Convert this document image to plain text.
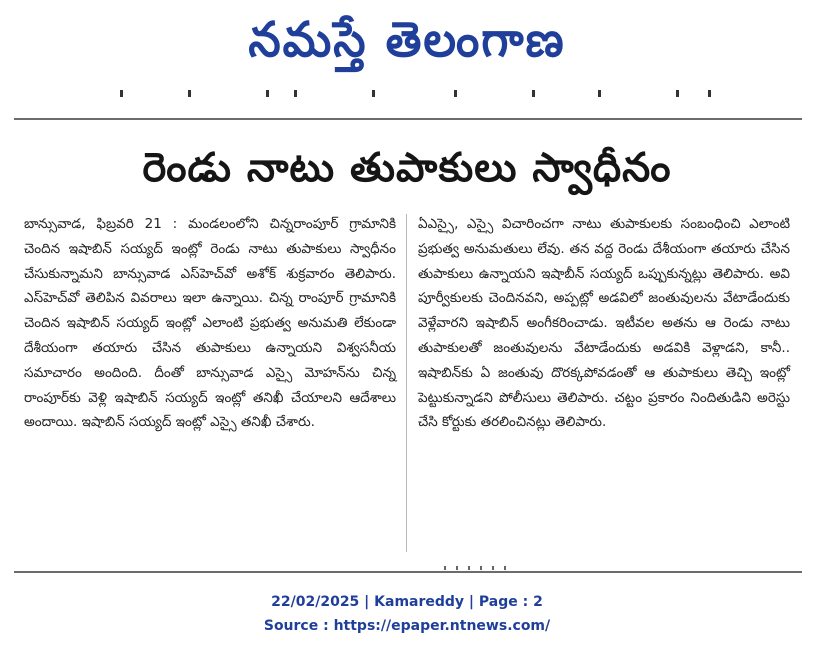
నమస్తే తెలంగాణ
రెండు నాటు తుపాకులు స్వాధీనం

బాన్సువాడ, ఫిబ్రవరి 21 : మండలంలోని చిన్నరాంపూర్ గ్రామానికి చెందిన ఇషాబిన్ సయ్యద్ ఇంట్లో రెండు నాటు తుపాకులు స్వాధీనం చేసుకున్నామని బాన్సువాడ ఎస్‌హెచ్‌వో అశోక్ శుక్రవారం తెలిపారు. ఎస్‌హెచ్‌వో తెలిపిన వివరాలు ఇలా ఉన్నాయి. చిన్న రాంపూర్ గ్రామానికి చెందిన ఇషాబిన్ సయ్యద్ ఇంట్లో ఎలాంటి ప్రభుత్వ అనుమతి లేకుండా దేశీయంగా తయారు చేసిన తుపాకులు ఉన్నాయని విశ్వసనీయ సమాచారం అందింది. దీంతో బాన్సువాడ ఎస్సై మోహన్‌ను చిన్న రాంపూర్‌కు వెళ్లి ఇషాబిన్ సయ్యద్ ఇంట్లో తనిఖీ చేయాలని ఆదేశాలు అందాయి. ఇషాబిన్ సయ్యద్ ఇంట్లో ఎస్సై తనిఖీ చేశారు.

ఏఎస్సై, ఎస్సై విచారించగా నాటు తుపాకులకు సంబంధించి ఎలాంటి ప్రభుత్వ అనుమతులు లేవు. తన వద్ద రెండు దేశీయంగా తయారు చేసిన తుపాకులు ఉన్నాయని ఇషాబీన్ సయ్యద్ ఒప్పుకున్నట్లు తెలిపారు. అవి పూర్వీకులకు చెందినవని, అప్పట్లో అడవిలో జంతువులను వేటాడేందుకు వెళ్లేవారని ఇషాబిన్ అంగీకరించాడు. ఇటీవల అతను ఆ రెండు నాటు తుపాకులతో జంతువులను వేటాడేందుకు అడవికి వెళ్లాడని, కానీ.. ఇషాబిన్‌కు ఏ జంతువు దొరక్కపోవడంతో ఆ తుపాకులు తెచ్చి ఇంట్లో పెట్టుకున్నాడని పోలీసులు తెలిపారు. చట్టం ప్రకారం నిందితుడిని అరెస్టు చేసి కోర్టుకు తరలించినట్లు తెలిపారు.

22/02/2025 | Kamareddy | Page : 2
Source : https://epaper.ntnews.com/
